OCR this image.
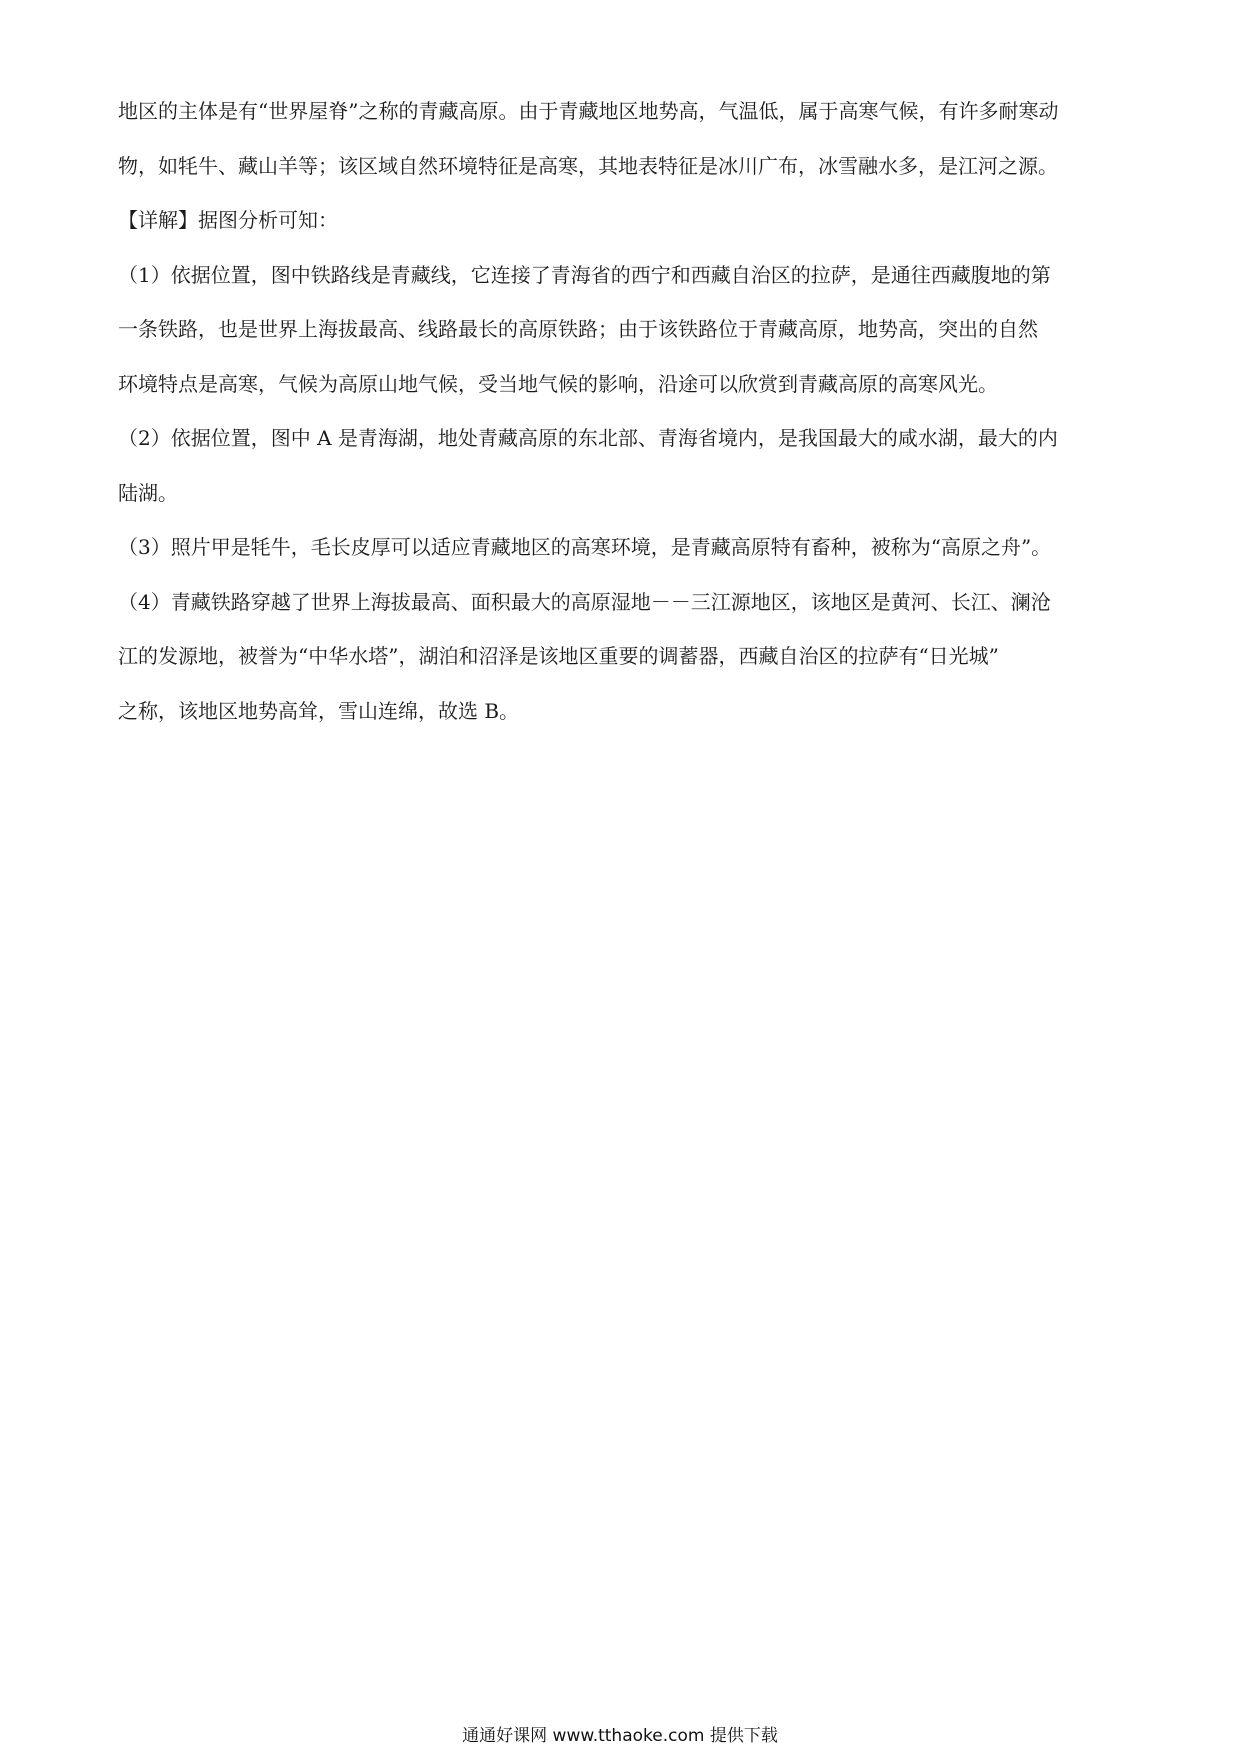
地区的主体是有“世界屋脊”之称的青藏高原。由于青藏地区地势高，气温低，属于高寒气候，有许多耐寒动
物，如牦牛、藏山羊等；该区域自然环境特征是高寒，其地表特征是冰川广布，冰雪融水多，是江河之源。
【详解】据图分析可知：
（1）依据位置，图中铁路线是青藏线，它连接了青海省的西宁和西藏自治区的拉萨，是通往西藏腹地的第
一条铁路，也是世界上海拔最高、线路最长的高原铁路；由于该铁路位于青藏高原，地势高，突出的自然
环境特点是高寒，气候为高原山地气候，受当地气候的影响，沿途可以欣赏到青藏高原的高寒风光。
（2）依据位置，图中 A 是青海湖，地处青藏高原的东北部、青海省境内，是我国最大的咸水湖，最大的内
陆湖。
（3）照片甲是牦牛，毛长皮厚可以适应青藏地区的高寒环境，是青藏高原特有畜种，被称为“高原之舟”。
（4）青藏铁路穿越了世界上海拔最高、面积最大的高原湿地－－三江源地区，该地区是黄河、长江、澜沧
江的发源地，被誉为“中华水塔”，湖泊和沼泽是该地区重要的调蓄器，西藏自治区的拉萨有“日光城”
之称，该地区地势高耸，雪山连绵，故选 B。
通通好课网 www.tthaoke.com 提供下载
